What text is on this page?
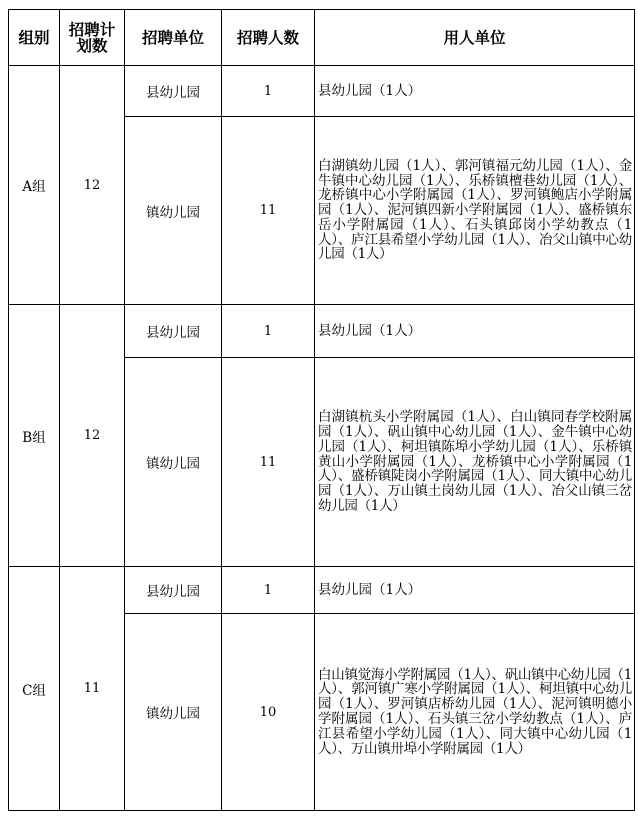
组别	招聘计划数	招聘单位	招聘人数	用人单位
A组	12	县幼儿园	1	县幼儿园（1人）
		镇幼儿园	11	白湖镇幼儿园（1人）、郭河镇福元幼儿园（1人）、金牛镇中心幼儿园（1人）、乐桥镇檀巷幼儿园（1人）、龙桥镇中心小学附属园（1人）、罗河镇鲍店小学附属园（1人）、泥河镇四新小学附属园（1人）、盛桥镇东岳小学附属园（1人）、石头镇邱岗小学幼教点（1人）、庐江县希望小学幼儿园（1人）、冶父山镇中心幼儿园（1人）
B组	12	县幼儿园	1	县幼儿园（1人）
		镇幼儿园	11	白湖镇杭头小学附属园（1人）、白山镇同春学校附属园（1人）、矾山镇中心幼儿园（1人）、金牛镇中心幼儿园（1人）、柯坦镇陈埠小学幼儿园（1人）、乐桥镇黄山小学附属园（1人）、龙桥镇中心小学附属园（1人）、盛桥镇陡岗小学附属园（1人）、同大镇中心幼儿园（1人）、万山镇土岗幼儿园（1人）、冶父山镇三岔幼儿园（1人）
C组	11	县幼儿园	1	县幼儿园（1人）
		镇幼儿园	10	白山镇觉海小学附属园（1人）、矾山镇中心幼儿园（1人）、郭河镇广寒小学附属园（1人）、柯坦镇中心幼儿园（1人）、罗河镇店桥幼儿园（1人）、泥河镇明德小学附属园（1人）、石头镇三岔小学幼教点（1人）、庐江县希望小学幼儿园（1人）、同大镇中心幼儿园（1人）、万山镇卅埠小学附属园（1人）
